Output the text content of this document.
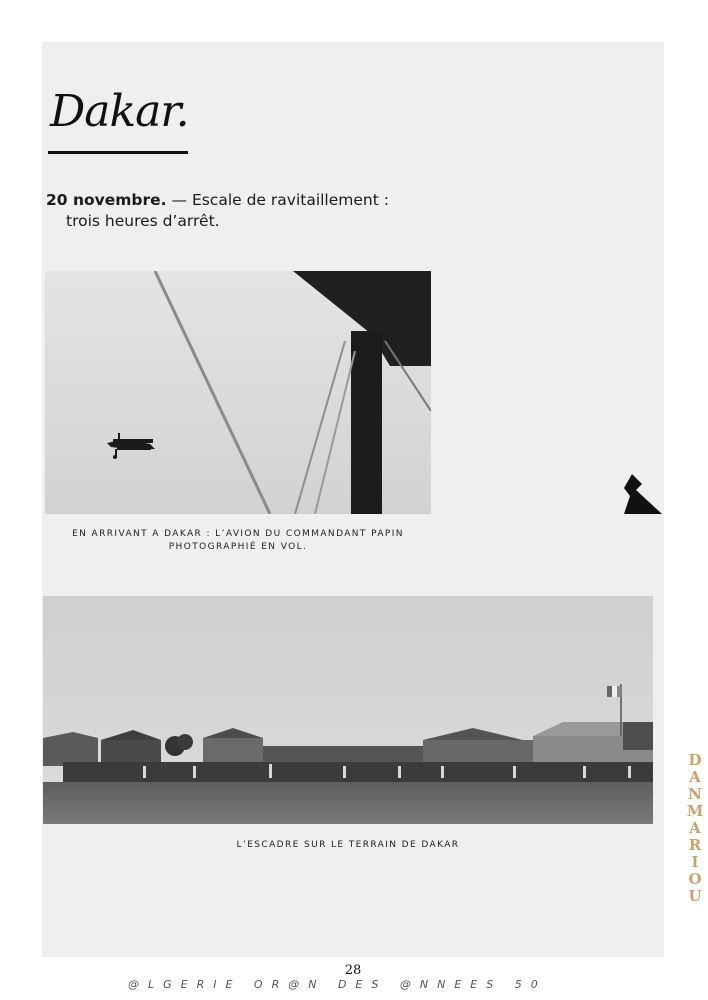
Dakar.
20 novembre. — Escale de ravitaillement :
trois heures d’arrêt.
EN ARRIVANT A DAKAR : L’AVION DU COMMANDANT PAPIN
PHOTOGRAPHIÉ EN VOL.
L’ESCADRE SUR LE TERRAIN DE DAKAR
D
A
N
M
A
R
I
O
U
28
@LGERIE OR@N DES @NNEES 50
